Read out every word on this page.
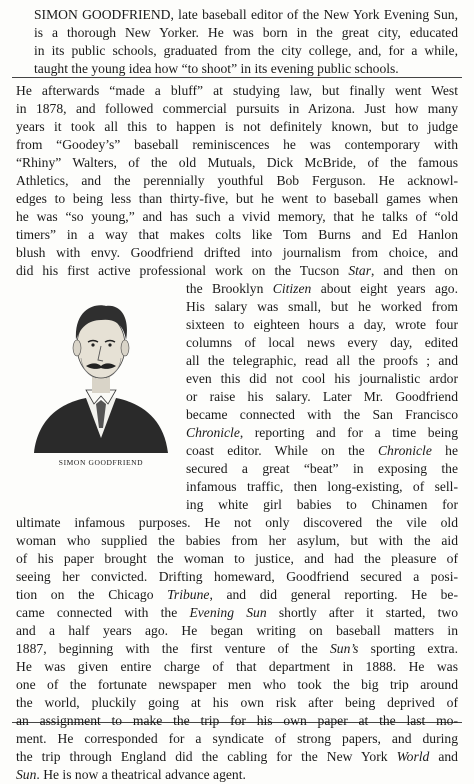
SIMON GOODFRIEND, late baseball editor of the New York Evening Sun,
is a thorough New Yorker. He was born in the great city, educated
in its public schools, graduated from the city college, and, for a while,
taught the young idea how “to shoot” in its evening public schools.
He afterwards “made a bluff” at studying law, but finally went West
in 1878, and followed commercial pursuits in Arizona. Just how many
years it took all this to happen is not definitely known, but to judge
from “Goodey’s” baseball reminiscences he was contemporary with
“Rhiny” Walters, of the old Mutuals, Dick McBride, of the famous
Athletics, and the perennially youthful Bob Ferguson. He acknowl-
edges to being less than thirty-five, but he went to baseball games when
he was “so young,” and has such a vivid memory, that he talks of “old
timers” in a way that makes colts like Tom Burns and Ed Hanlon
blush with envy. Goodfriend drifted into journalism from choice, and
did his first active professional work on the Tucson Star, and then on
the Brooklyn Citizen about eight years ago.
His salary was small, but he worked from
sixteen to eighteen hours a day, wrote four
columns of local news every day, edited
all the telegraphic, read all the proofs ; and
even this did not cool his journalistic ardor
or raise his salary. Later Mr. Goodfriend
became connected with the San Francisco
Chronicle, reporting and for a time being
coast editor. While on the Chronicle he
secured a great “beat” in exposing the
infamous traffic, then long-existing, of sell-
ing white girl babies to Chinamen for
ultimate infamous purposes. He not only discovered the vile old
woman who supplied the babies from her asylum, but with the aid
of his paper brought the woman to justice, and had the pleasure of
seeing her convicted. Drifting homeward, Goodfriend secured a posi-
tion on the Chicago Tribune, and did general reporting. He be-
came connected with the Evening Sun shortly after it started, two
and a half years ago. He began writing on baseball matters in
1887, beginning with the first venture of the Sun’s sporting extra.
He was given entire charge of that department in 1888. He was
one of the fortunate newspaper men who took the big trip around
the world, pluckily going at his own risk after being deprived of
an assignment to make the trip for his own paper at the last mo-
ment. He corresponded for a syndicate of strong papers, and during
the trip through England did the cabling for the New York World and
Sun. He is now a theatrical advance agent.
SIMON GOODFRIEND
